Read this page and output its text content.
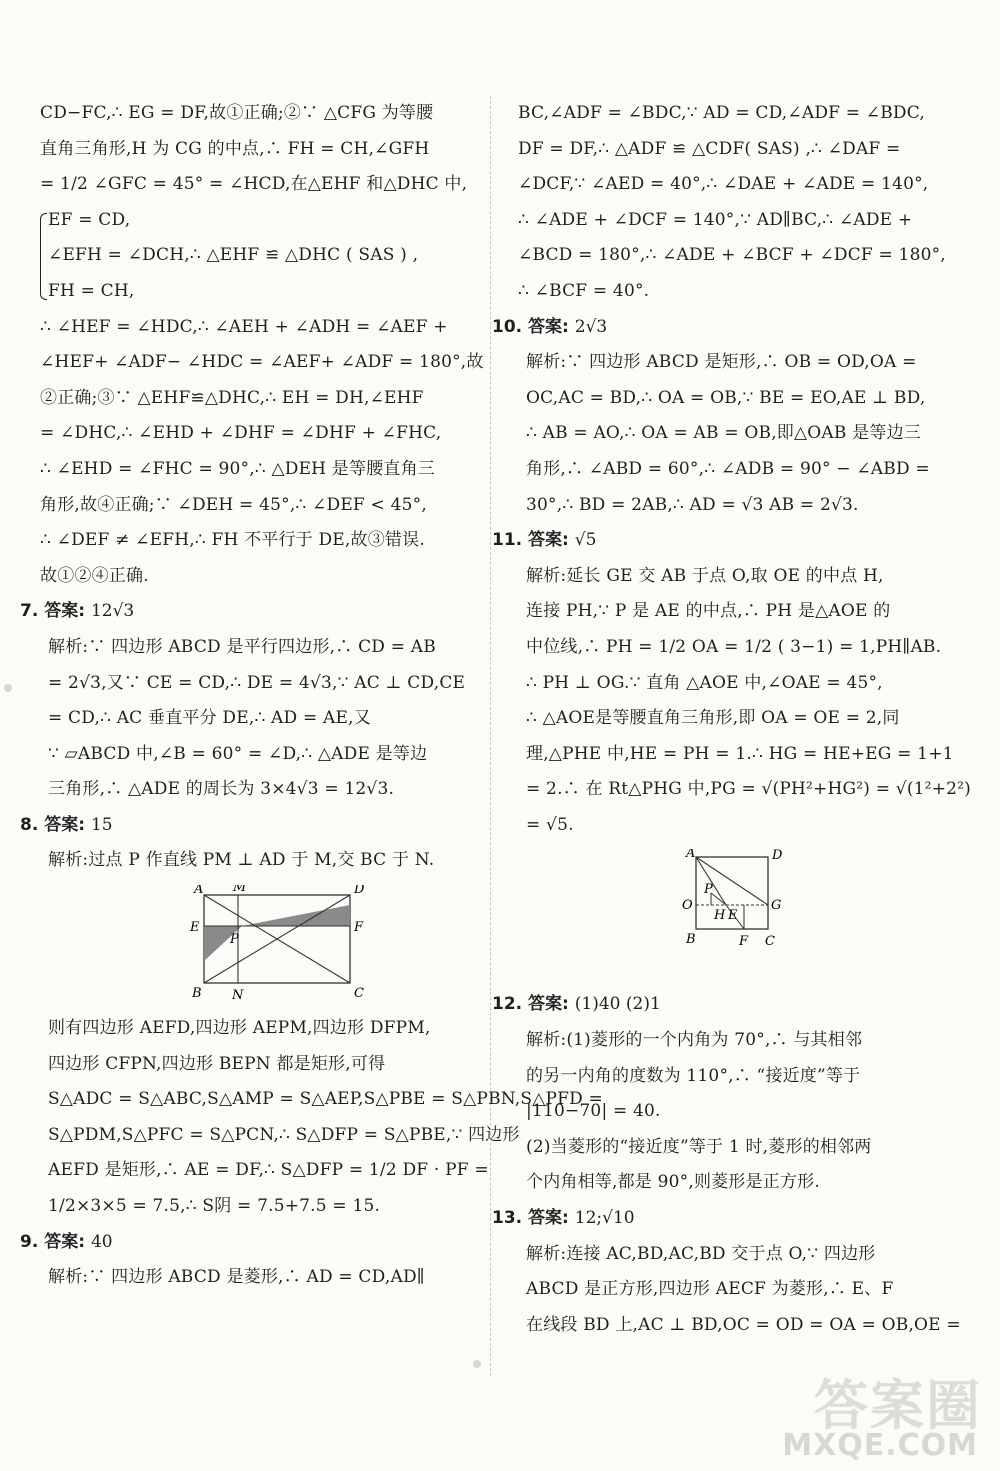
CD−FC,∴ EG = DF,故①正确;②∵ △CFG 为等腰
直角三角形,H 为 CG 的中点,∴ FH = CH,∠GFH
= 1/2 ∠GFC = 45° = ∠HCD,在△EHF 和△DHC 中,
EF = CD,
∠EFH = ∠DCH,∴ △EHF ≌ △DHC ( SAS ) ,
FH = CH,
∴ ∠HEF = ∠HDC,∴ ∠AEH + ∠ADH = ∠AEF +
∠HEF+ ∠ADF− ∠HDC = ∠AEF+ ∠ADF = 180°,故
②正确;③∵ △EHF≌△DHC,∴ EH = DH,∠EHF
= ∠DHC,∴ ∠EHD + ∠DHF = ∠DHF + ∠FHC,
∴ ∠EHD = ∠FHC = 90°,∴ △DEH 是等腰直角三
角形,故④正确;∵ ∠DEH = 45°,∴ ∠DEF < 45°,
∴ ∠DEF ≠ ∠EFH,∴ FH 不平行于 DE,故③错误.
故①②④正确.
7. 答案: 12√3
解析:∵ 四边形 ABCD 是平行四边形,∴ CD = AB
= 2√3,又∵ CE = CD,∴ DE = 4√3,∵ AC ⊥ CD,CE
= CD,∴ AC 垂直平分 DE,∴ AD = AE,又
∵ ▱ABCD 中,∠B = 60° = ∠D,∴ △ADE 是等边
三角形,∴ △ADE 的周长为 3×4√3 = 12√3.
8. 答案: 15
解析:过点 P 作直线 PM ⊥ AD 于 M,交 BC 于 N.
A M	D
E	F
P
B N	C
则有四边形 AEFD,四边形 AEPM,四边形 DFPM,
四边形 CFPN,四边形 BEPN 都是矩形,可得
S△ADC = S△ABC,S△AMP = S△AEP,S△PBE = S△PBN,S△PFD =
S△PDM,S△PFC = S△PCN,∴ S△DFP = S△PBE,∵ 四边形
AEFD 是矩形,∴ AE = DF,∴ S△DFP = 1/2 DF · PF =
1/2×3×5 = 7.5,∴ S阴 = 7.5+7.5 = 15.
9. 答案: 40
解析:∵ 四边形 ABCD 是菱形,∴ AD = CD,AD∥
BC,∠ADF = ∠BDC,∵ AD = CD,∠ADF = ∠BDC,
DF = DF,∴ △ADF ≌ △CDF( SAS) ,∴ ∠DAF =
∠DCF,∵ ∠AED = 40°,∴ ∠DAE + ∠ADE = 140°,
∴ ∠ADE + ∠DCF = 140°,∵ AD∥BC,∴ ∠ADE +
∠BCD = 180°,∴ ∠ADE + ∠BCF + ∠DCF = 180°,
∴ ∠BCF = 40°.
10. 答案: 2√3
解析:∵ 四边形 ABCD 是矩形,∴ OB = OD,OA =
OC,AC = BD,∴ OA = OB,∵ BE = EO,AE ⊥ BD,
∴ AB = AO,∴ OA = AB = OB,即△OAB 是等边三
角形,∴ ∠ABD = 60°,∴ ∠ADB = 90° − ∠ABD =
30°,∴ BD = 2AB,∴ AD = √3 AB = 2√3.
11. 答案: √5
解析:延长 GE 交 AB 于点 O,取 OE 的中点 H,
连接 PH,∵ P 是 AE 的中点,∴ PH 是△AOE 的
中位线,∴ PH = 1/2 OA = 1/2 ( 3−1) = 1,PH∥AB.
∴ PH ⊥ OG.∵ 直角 △AOE 中,∠OAE = 45°,
∴ △AOE是等腰直角三角形,即 OA = OE = 2,同
理,△PHE 中,HE = PH = 1.∴ HG = HE+EG = 1+1
= 2.∴ 在 Rt△PHG 中,PG = √(PH²+HG²) = √(1²+2²)
= √5.
A	D
O
P
H E
G
B	F C
12. 答案: (1)40 (2)1
解析:(1)菱形的一个内角为 70°,∴ 与其相邻
的另一内角的度数为 110°,∴ “接近度”等于
|110−70| = 40.
(2)当菱形的“接近度”等于 1 时,菱形的相邻两
个内角相等,都是 90°,则菱形是正方形.
13. 答案: 12;√10
解析:连接 AC,BD,AC,BD 交于点 O,∵ 四边形
ABCD 是正方形,四边形 AECF 为菱形,∴ E、F
在线段 BD 上,AC ⊥ BD,OC = OD = OA = OB,OE =
答案圈
MXQE.COM
